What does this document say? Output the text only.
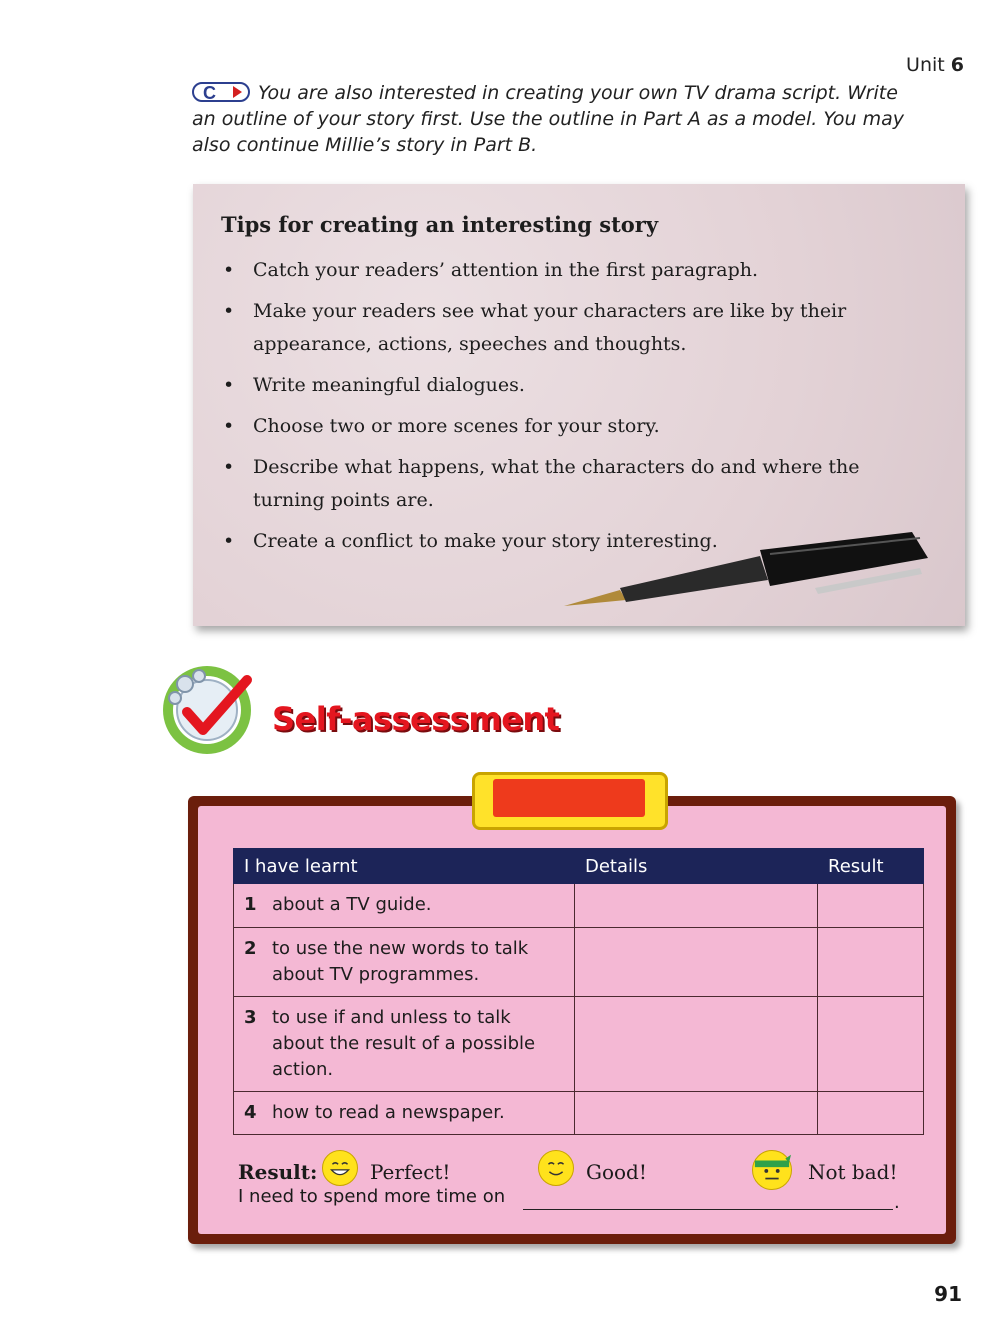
Unit 6
C You are also interested in creating your own TV drama script. Write an outline of your story first. Use the outline in Part A as a model. You may also continue Millie’s story in Part B.
Tips for creating an interesting story
• Catch your readers’ attention in the first paragraph.
• Make your readers see what your characters are like by their appearance, actions, speeches and thoughts.
• Write meaningful dialogues.
• Choose two or more scenes for your story.
• Describe what happens, what the characters do and where the turning points are.
• Create a conflict to make your story interesting.
Self-assessment
I have learnt	Details	Result
1 about a TV guide.		
2 to use the new words to talk about TV programmes.		
3 to use if and unless to talk about the result of a possible action.		
4 how to read a newspaper.		
Result:	Perfect!	Good!	Not bad!
I need to spend more time on	.
91
